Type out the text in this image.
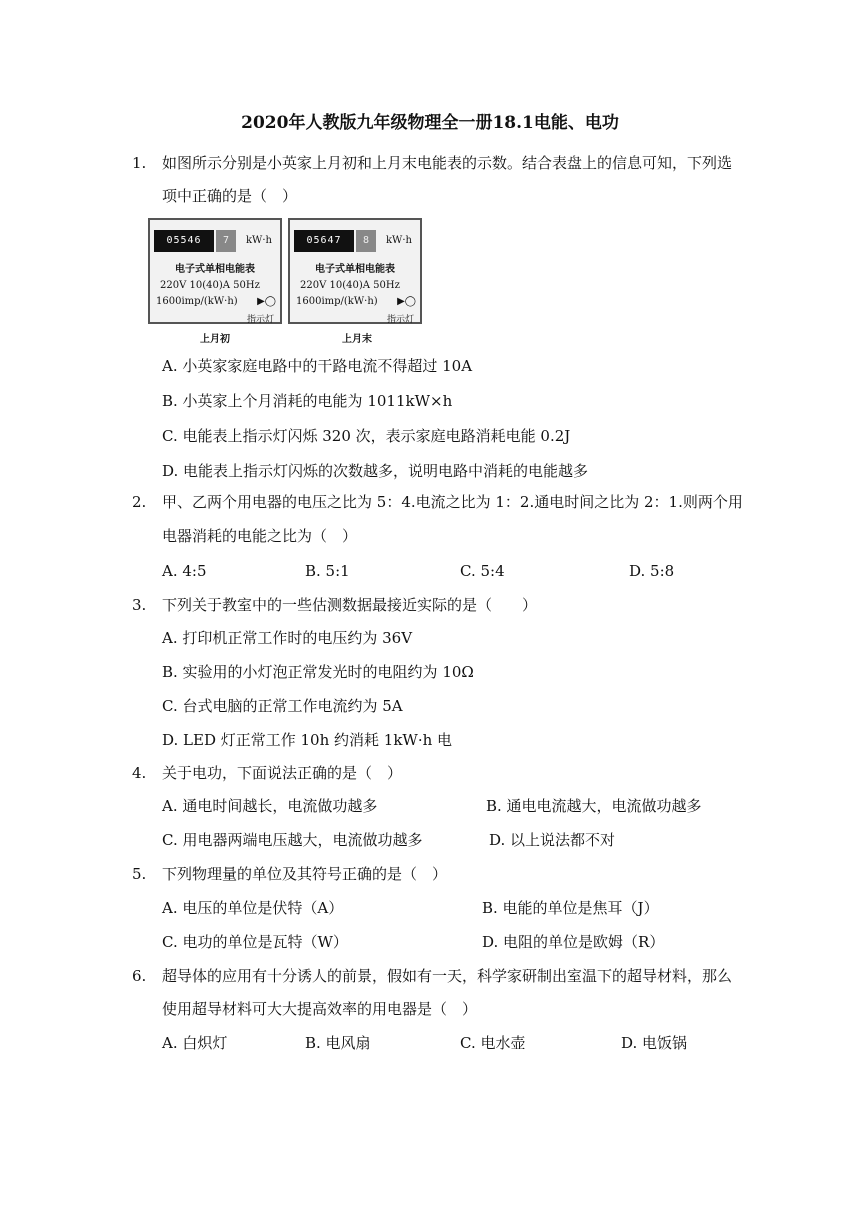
2020年人教版九年级物理全一册18.1电能、电功
1. 如图所示分别是小英家上月初和上月末电能表的示数。结合表盘上的信息可知，下列选
项中正确的是（　）
05546	7	kW·h
电子式单相电能表
220V 10(40)A 50Hz
1600imp/(kW·h) ▶◯
指示灯
上月初
05647	8	kW·h
电子式单相电能表
220V 10(40)A 50Hz
1600imp/(kW·h) ▶◯
指示灯
上月末
A. 小英家家庭电路中的干路电流不得超过 10A
B. 小英家上个月消耗的电能为 1011kW×h
C. 电能表上指示灯闪烁 320 次，表示家庭电路消耗电能 0.2J
D. 电能表上指示灯闪烁的次数越多，说明电路中消耗的电能越多
2. 甲、乙两个用电器的电压之比为 5：4.电流之比为 1：2.通电时间之比为 2：1.则两个用
电器消耗的电能之比为（　）
A. 4:5	B. 5:1	C. 5:4	D. 5:8
3. 下列关于教室中的一些估测数据最接近实际的是（　　）
A. 打印机正常工作时的电压约为 36V
B. 实验用的小灯泡正常发光时的电阻约为 10Ω
C. 台式电脑的正常工作电流约为 5A
D. LED 灯正常工作 10h 约消耗 1kW·h 电
4. 关于电功，下面说法正确的是（　）
A. 通电时间越长，电流做功越多	B. 通电电流越大，电流做功越多
C. 用电器两端电压越大，电流做功越多	D. 以上说法都不对
5. 下列物理量的单位及其符号正确的是（　）
A. 电压的单位是伏特（A）	B. 电能的单位是焦耳（J）
C. 电功的单位是瓦特（W）	D. 电阻的单位是欧姆（R）
6. 超导体的应用有十分诱人的前景，假如有一天，科学家研制出室温下的超导材料，那么
使用超导材料可大大提高效率的用电器是（　）
A. 白炽灯	B. 电风扇	C. 电水壶	D. 电饭锅
